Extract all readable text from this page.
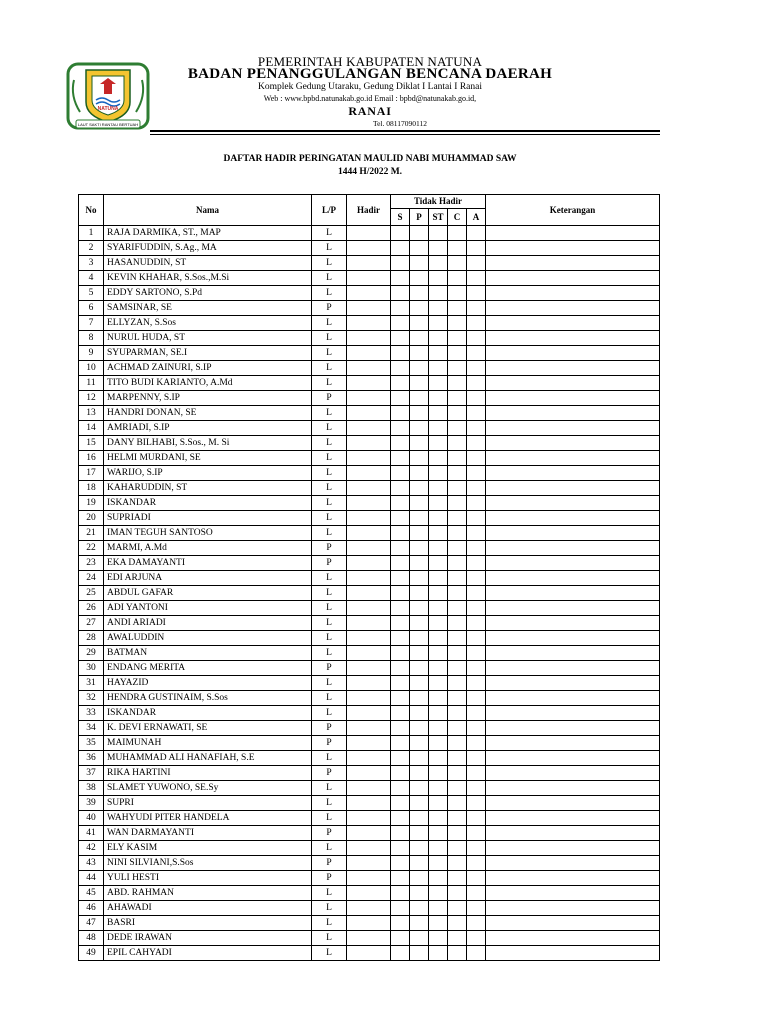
NATUNA
LAUT SAKTI RANTAU BERTUAH
PEMERINTAH KABUPATEN NATUNA
BADAN PENANGGULANGAN BENCANA DAERAH
Komplek Gedung Utaraku, Gedung Diklat I Lantai I Ranai
Web : www.bpbd.natunakab.go.id Email : bpbd@natunakab.go.id,
RANAI
Tel. 08117090112
DAFTAR HADIR PERINGATAN MAULID NABI MUHAMMAD SAW
1444 H/2022 M.
No	Nama	L/P	Hadir	Tidak Hadir					Keterangan
				S	P	ST	C	A	
1	RAJA DARMIKA, ST., MAP	L							
2	SYARIFUDDIN, S.Ag., MA	L							
3	HASANUDDIN, ST	L							
4	KEVIN KHAHAR, S.Sos.,M.Si	L							
5	EDDY SARTONO, S.Pd	L							
6	SAMSINAR, SE	P							
7	ELLYZAN, S.Sos	L							
8	NURUL HUDA, ST	L							
9	SYUPARMAN, SE.I	L							
10	ACHMAD ZAINURI, S.IP	L							
11	TITO BUDI KARIANTO, A.Md	L							
12	MARPENNY, S.IP	P							
13	HANDRI DONAN, SE	L							
14	AMRIADI, S.IP	L							
15	DANY BILHABI, S.Sos., M. Si	L							
16	HELMI MURDANI, SE	L							
17	WARIJO, S.IP	L							
18	KAHARUDDIN, ST	L							
19	ISKANDAR	L							
20	SUPRIADI	L							
21	IMAN TEGUH SANTOSO	L							
22	MARMI, A.Md	P							
23	EKA DAMAYANTI	P							
24	EDI ARJUNA	L							
25	ABDUL GAFAR	L							
26	ADI YANTONI	L							
27	ANDI ARIADI	L							
28	AWALUDDIN	L							
29	BATMAN	L							
30	ENDANG MERITA	P							
31	HAYAZID	L							
32	HENDRA GUSTINAIM, S.Sos	L							
33	ISKANDAR	L							
34	K. DEVI ERNAWATI, SE	P							
35	MAIMUNAH	P							
36	MUHAMMAD ALI HANAFIAH, S.E	L							
37	RIKA HARTINI	P							
38	SLAMET YUWONO, SE.Sy	L							
39	SUPRI	L							
40	WAHYUDI PITER HANDELA	L							
41	WAN DARMAYANTI	P							
42	ELY KASIM	L							
43	NINI SILVIANI,S.Sos	P							
44	YULI HESTI	P							
45	ABD. RAHMAN	L							
46	AHAWADI	L							
47	BASRI	L							
48	DEDE IRAWAN	L							
49	EPIL CAHYADI	L							
